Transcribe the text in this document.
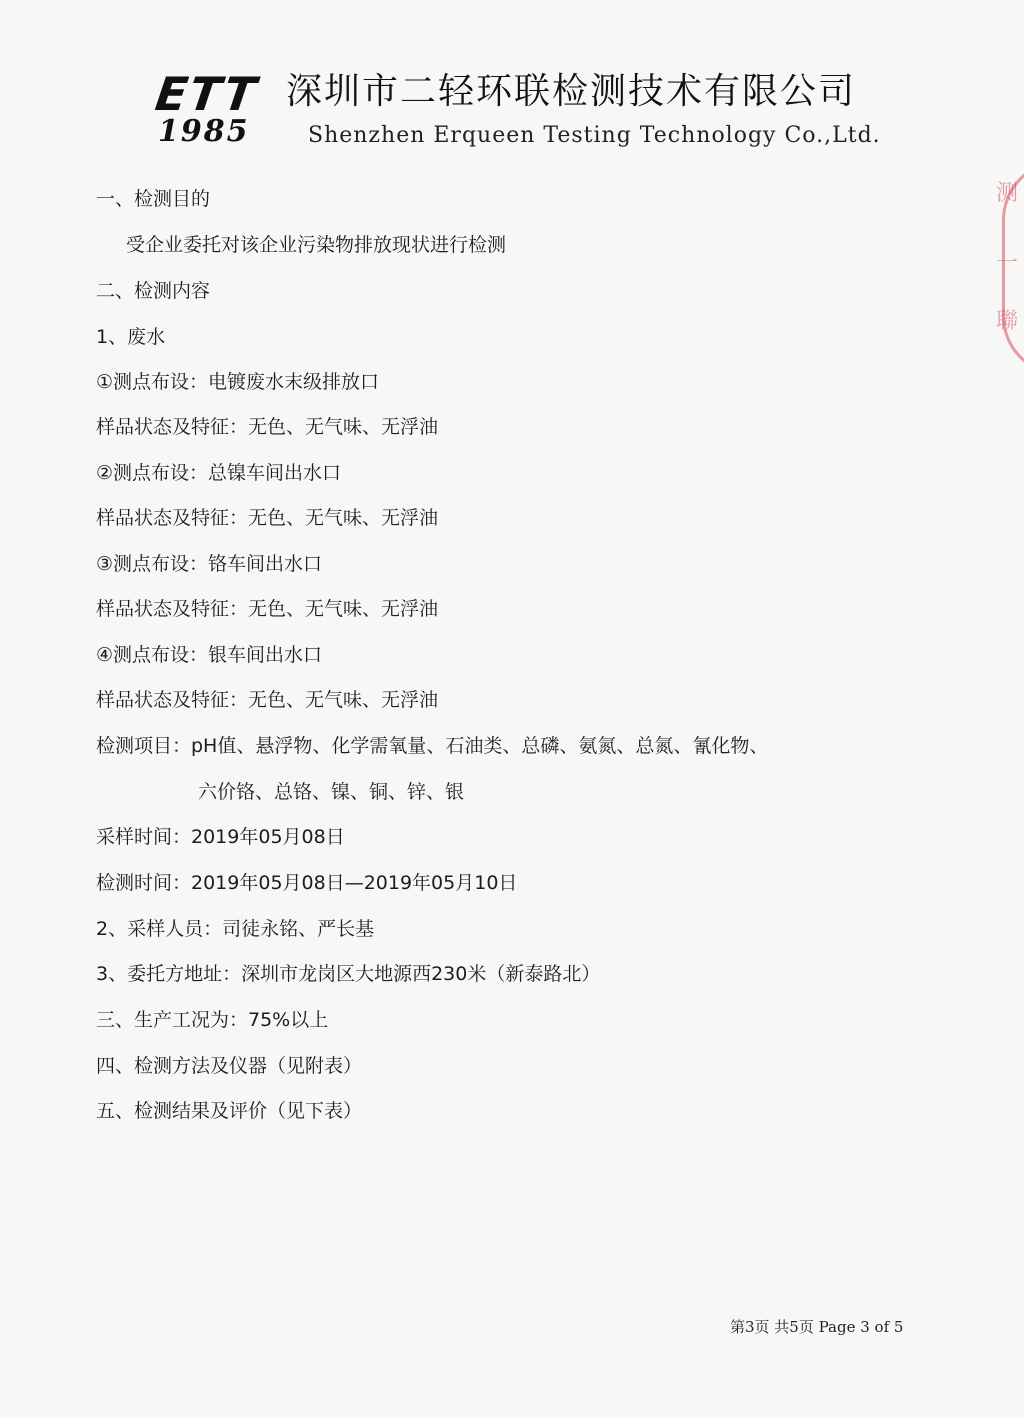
ETT
1985
深圳市二轻环联检测技术有限公司
Shenzhen Erqueen Testing Technology Co.,Ltd.
一、检测目的
受企业委托对该企业污染物排放现状进行检测
二、检测内容
1、废水
①测点布设：电镀废水末级排放口
样品状态及特征：无色、无气味、无浮油
②测点布设：总镍车间出水口
样品状态及特征：无色、无气味、无浮油
③测点布设：铬车间出水口
样品状态及特征：无色、无气味、无浮油
④测点布设：银车间出水口
样品状态及特征：无色、无气味、无浮油
检测项目：pH值、悬浮物、化学需氧量、石油类、总磷、氨氮、总氮、氰化物、
六价铬、总铬、镍、铜、锌、银
采样时间：2019年05月08日
检测时间：2019年05月08日—2019年05月10日
2、采样人员：司徒永铭、严长基
3、委托方地址：深圳市龙岗区大地源西230米（新泰路北）
三、生产工况为：75%以上
四、检测方法及仪器（见附表）
五、检测结果及评价（见下表）
测
一
聯
第3页 共5页 Page 3 of 5
